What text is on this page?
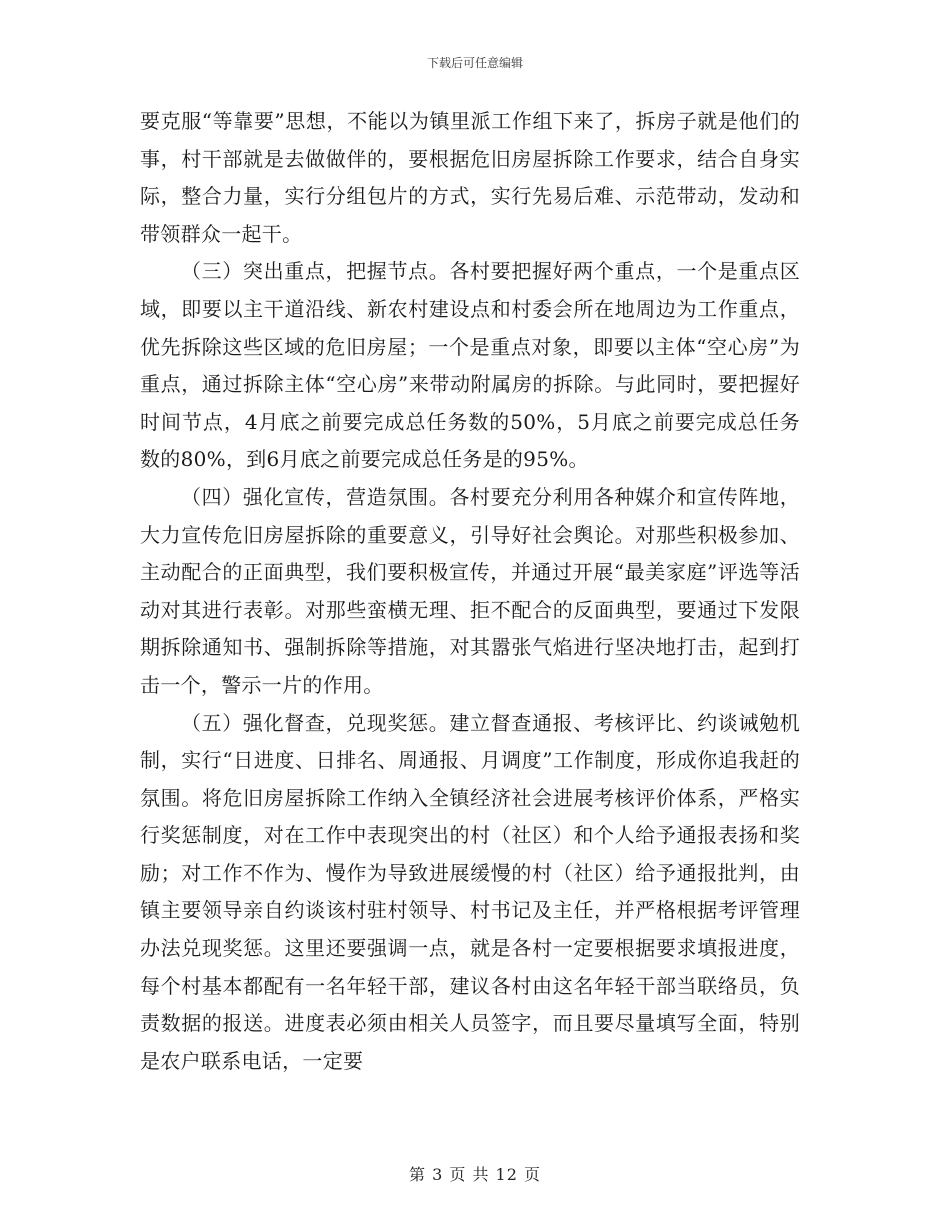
下载后可任意编辑

要克服“等靠要”思想，不能以为镇里派工作组下来了，拆房子就是他们的事，村干部就是去做做伴的，要根据危旧房屋拆除工作要求，结合自身实际，整合力量，实行分组包片的方式，实行先易后难、示范带动，发动和带领群众一起干。

（三）突出重点，把握节点。各村要把握好两个重点，一个是重点区域，即要以主干道沿线、新农村建设点和村委会所在地周边为工作重点，优先拆除这些区域的危旧房屋；一个是重点对象，即要以主体“空心房”为重点，通过拆除主体“空心房”来带动附属房的拆除。与此同时，要把握好时间节点，4月底之前要完成总任务数的50%，5月底之前要完成总任务数的80%，到6月底之前要完成总任务是的95%。

（四）强化宣传，营造氛围。各村要充分利用各种媒介和宣传阵地，大力宣传危旧房屋拆除的重要意义，引导好社会舆论。对那些积极参加、主动配合的正面典型，我们要积极宣传，并通过开展“最美家庭”评选等活动对其进行表彰。对那些蛮横无理、拒不配合的反面典型，要通过下发限期拆除通知书、强制拆除等措施，对其嚣张气焰进行坚决地打击，起到打击一个，警示一片的作用。

（五）强化督查，兑现奖惩。建立督查通报、考核评比、约谈诫勉机制，实行“日进度、日排名、周通报、月调度”工作制度，形成你追我赶的氛围。将危旧房屋拆除工作纳入全镇经济社会进展考核评价体系，严格实行奖惩制度，对在工作中表现突出的村（社区）和个人给予通报表扬和奖励；对工作不作为、慢作为导致进展缓慢的村（社区）给予通报批判，由镇主要领导亲自约谈该村驻村领导、村书记及主任，并严格根据考评管理办法兑现奖惩。这里还要强调一点，就是各村一定要根据要求填报进度，每个村基本都配有一名年轻干部，建议各村由这名年轻干部当联络员，负责数据的报送。进度表必须由相关人员签字，而且要尽量填写全面，特别是农户联系电话，一定要

第 3 页 共 12 页
